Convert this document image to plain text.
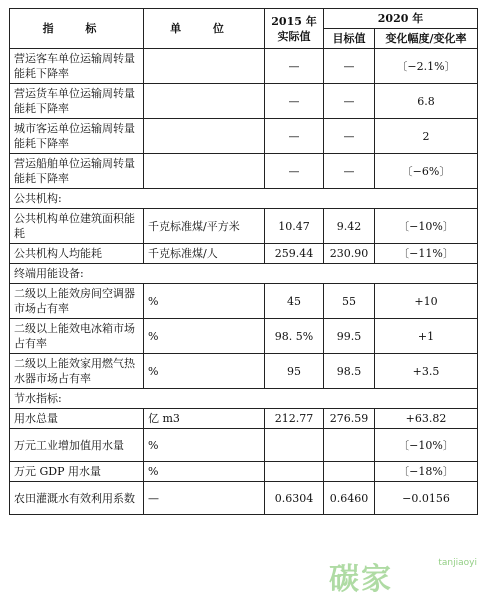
指 标	单 位	2015 年实际值	2020 年	
			目标值	变化幅度/变化率
营运客车单位运输周转量能耗下降率		—	—	〔−2.1%〕
营运货车单位运输周转量能耗下降率		—	—	6.8
城市客运单位运输周转量能耗下降率		—	—	2
营运船舶单位运输周转量能耗下降率		—	—	〔−6%〕
公共机构:				
公共机构单位建筑面积能耗	千克标准煤/平方米	10.47	9.42	〔−10%〕
公共机构人均能耗	千克标准煤/人	259.44	230.90	〔−11%〕
终端用能设备:				
二级以上能效房间空调器市场占有率	%	45	55	+10
二级以上能效电冰箱市场占有率	%	98. 5%	99.5	+1
二级以上能效家用燃气热水器市场占有率	%	95	98.5	+3.5
节水指标:				
用水总量	亿 m3	212.77	276.59	+63.82
万元工业增加值用水量	%			〔−10%〕
万元 GDP 用水量	%			〔−18%〕
农田灌溉水有效利用系数	—	0.6304	0.6460	−0.0156
碳家	tanjiaoyi
